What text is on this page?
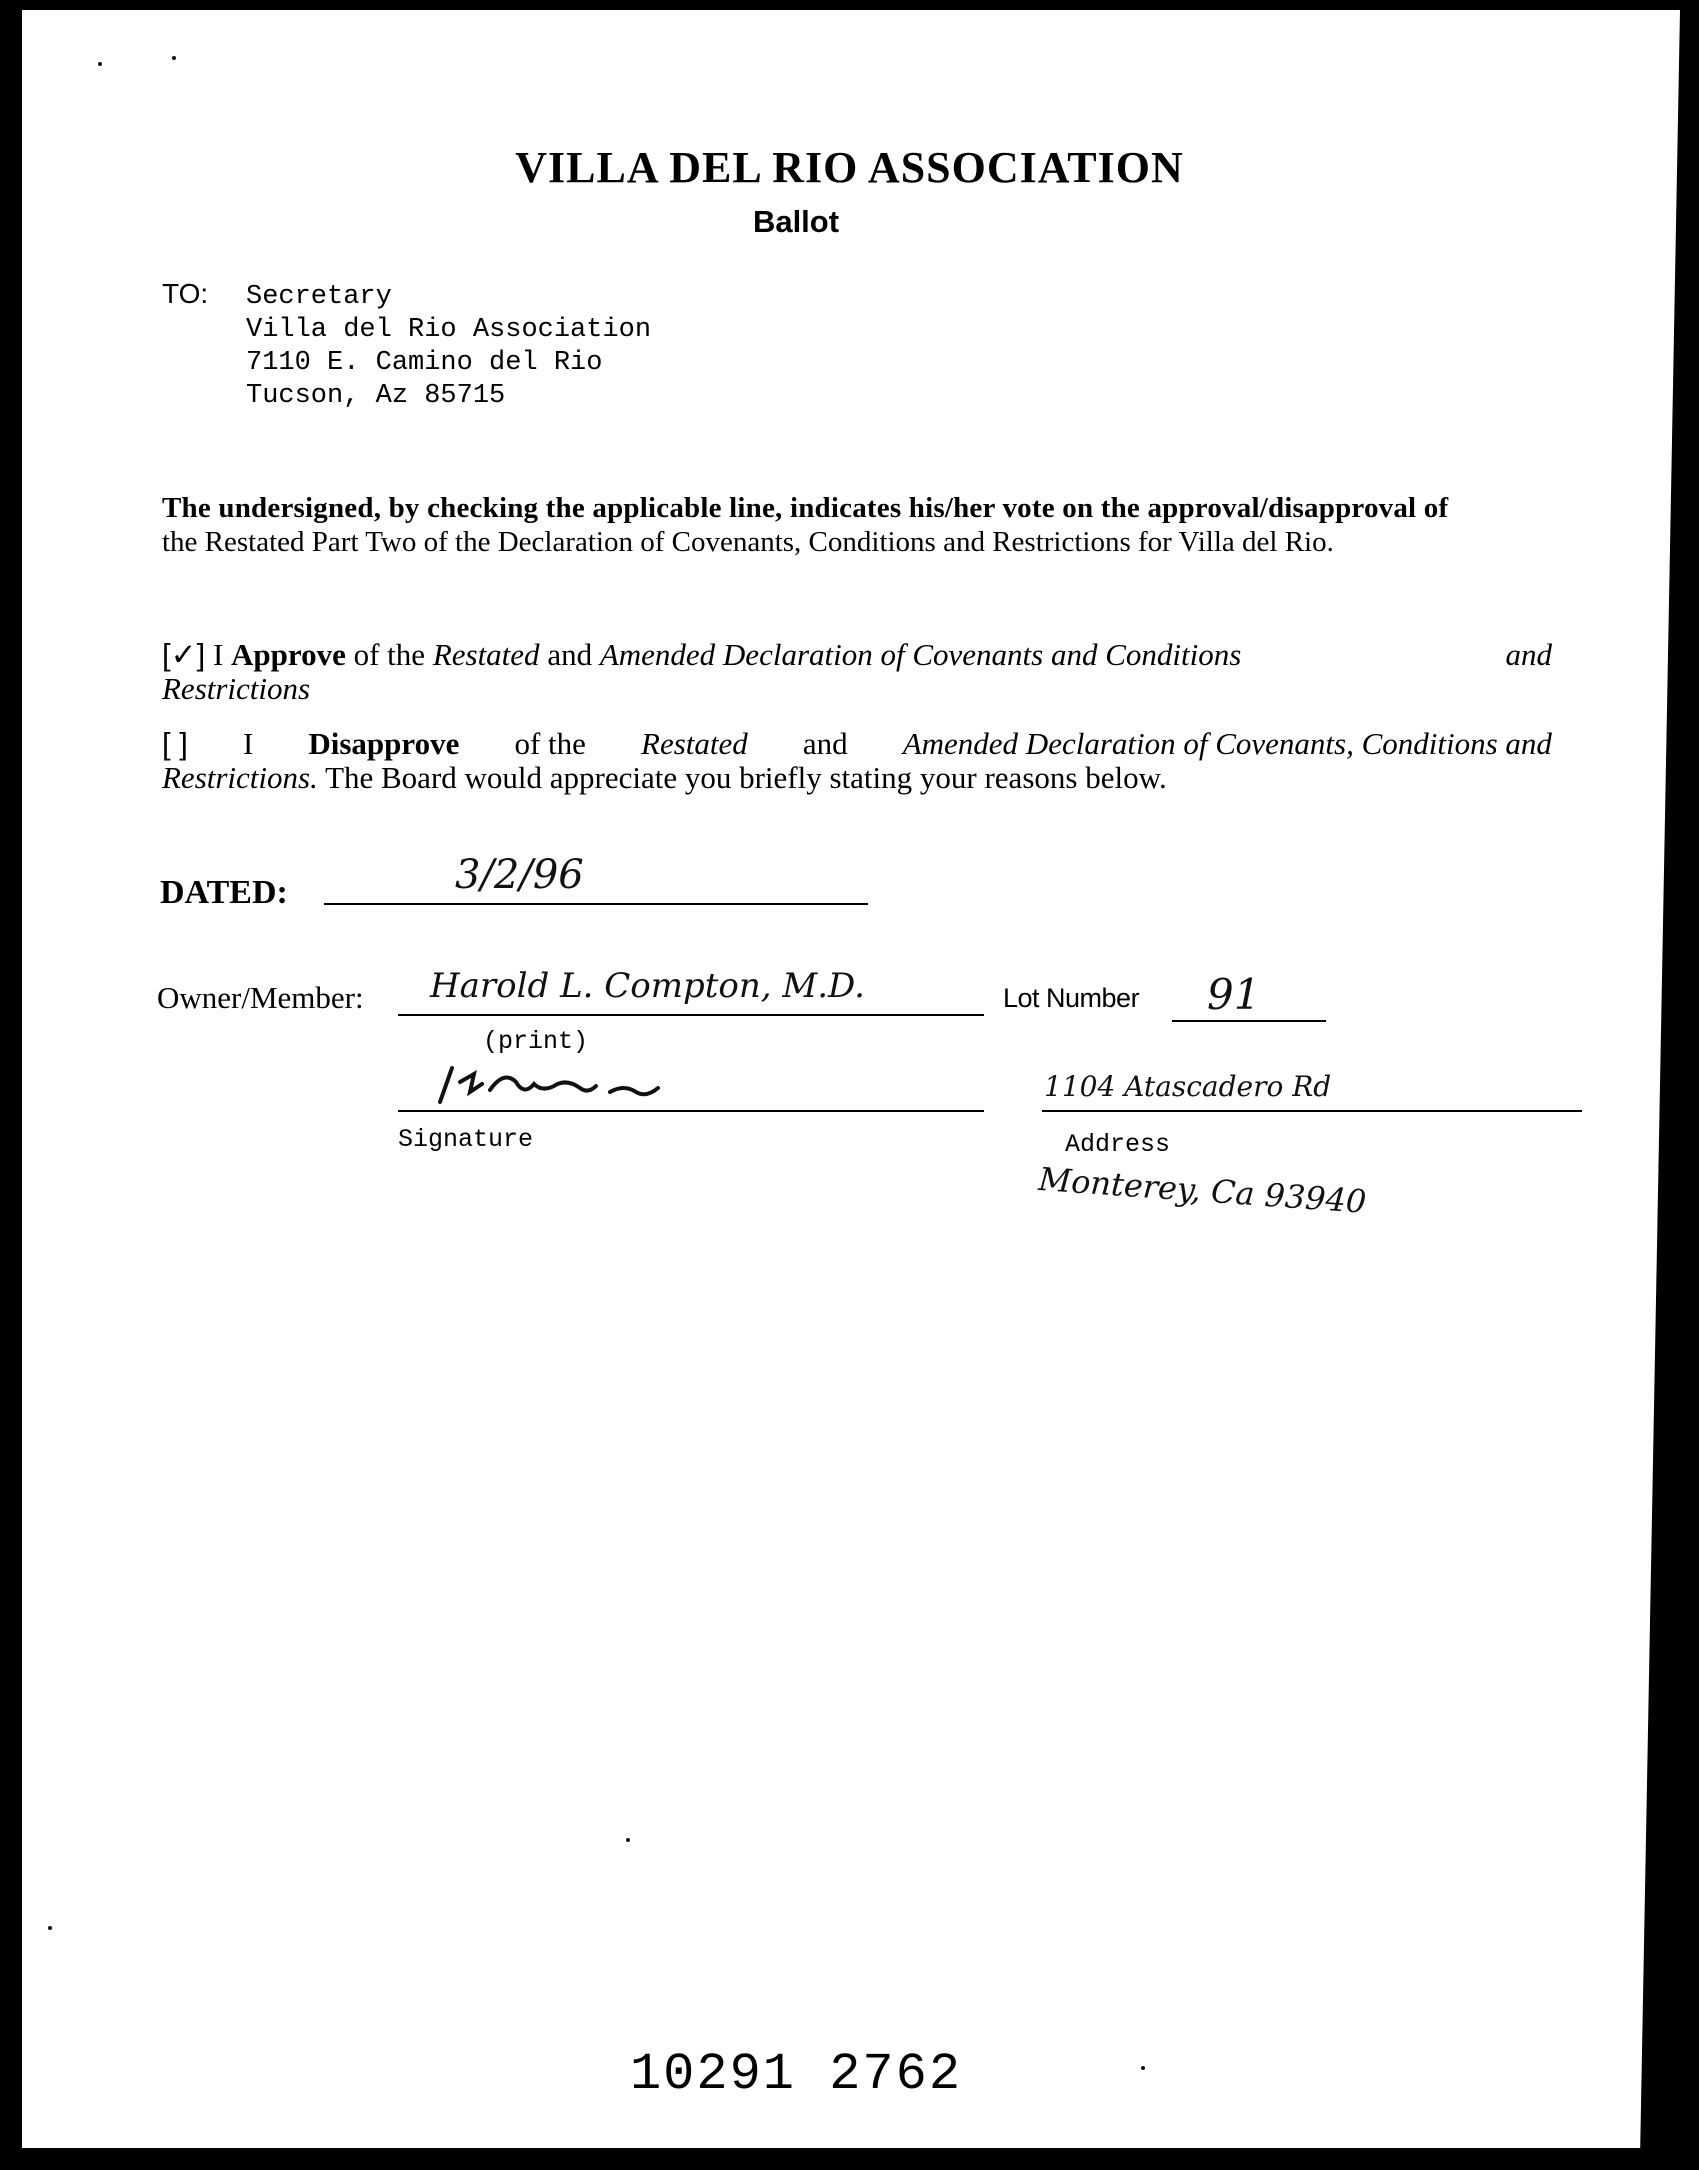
VILLA DEL RIO ASSOCIATION
Ballot
TO: Secretary
Villa del Rio Association
7110 E. Camino del Rio
Tucson, Az 85715
The undersigned, by checking the applicable line, indicates his/her vote on the approval/disapproval of
the Restated Part Two of the Declaration of Covenants, Conditions and Restrictions for Villa del Rio.
[✓] I Approve of the Restated and Amended Declaration of Covenants and Conditions	and
Restrictions
[ ] I Disapprove of the Restated and Amended Declaration of Covenants, Conditions and
Restrictions. The Board would appreciate you briefly stating your reasons below.
DATED:	3/2/96
Owner/Member: Harold L. Compton, M.D.
(print)
Lot Number 91
Signature
1104 Atascadero Rd
Address
Monterey, Ca 93940
10291 2762
